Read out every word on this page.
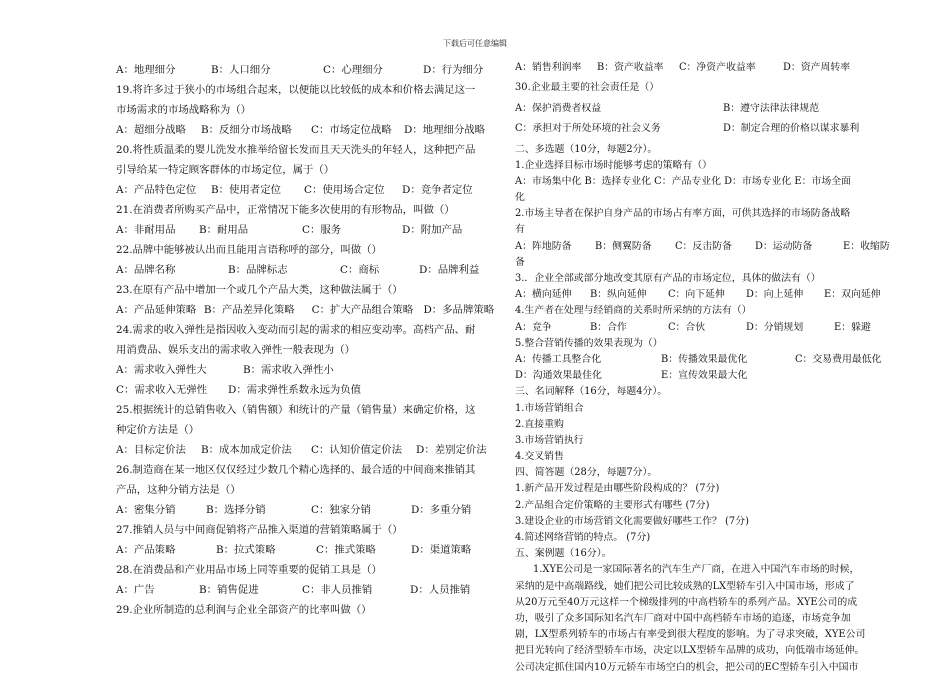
下载后可任意编辑
A：地理细分	B：人口细分	C：心理细分	D：行为细分
19.将许多过于狭小的市场组合起来，以便能以比较低的成本和价格去满足这一
市场需求的市场战略称为（）
A：超细分战略	B：反细分市场战略	C：市场定位战略	D：地理细分战略
20.将性质温柔的婴儿洗发水推举给留长发而且天天洗头的年轻人，这种把产品
引导给某一特定顾客群体的市场定位，属于（）
A：产品特色定位	B：使用者定位	C：使用场合定位	D：竞争者定位
21.在消费者所购买产品中，正常情况下能多次使用的有形物品，叫做（）
A：非耐用品	B：耐用品	C：服务	D：附加产品
22.品牌中能够被认出而且能用言语称呼的部分，叫做（）
A：品牌名称	B：品牌标志	C：商标	D：品牌利益
23.在原有产品中增加一个或几个产品大类，这种做法属于（）
A：产品延伸策略 B：产品差异化策略	C：扩大产品组合策略 D：多品牌策略
24.需求的收入弹性是指因收入变动而引起的需求的相应变动率。高档产品、耐
用消费品、娱乐支出的需求收入弹性一般表现为（）
A：需求收入弹性大	B：需求收入弹性小
C：需求收入无弹性	D：需求弹性系数永远为负值
25.根据统计的总销售收入（销售额）和统计的产量（销售量）来确定价格，这
种定价方法是（）
A：目标定价法	B：成本加成定价法	C：认知价值定价法	D：差别定价法
26.制造商在某一地区仅仅经过少数几个精心选择的、最合适的中间商来推销其
产品，这种分销方法是（）
A：密集分销	B：选择分销	C：独家分销	D：多重分销
27.推销人员与中间商促销将产品推入渠道的营销策略属于（）
A：产品策略	B：拉式策略	C：推式策略	D：渠道策略
28.在消费品和产业用品市场上同等重要的促销工具是（）
A：广告	B：销售促进	C：非人员推销	D：人员推销
29.企业所制造的总利润与企业全部资产的比率叫做（）
A：销售利润率	B：资产收益率	C：净资产收益率	D：资产周转率
30.企业最主要的社会责任是（）
A：保护消费者权益	B：遵守法律法律规范
C：承担对于所处环境的社会义务	D：制定合理的价格以谋求暴利
二、多选题（10分，每题2分）。
1.企业选择目标市场时能够考虑的策略有（）
A：市场集中化 B：选择专业化 C：产品专业化 D：市场专业化 E：市场全面
化
2.市场主导者在保护自身产品的市场占有率方面，可供其选择的市场防备战略
有
A：阵地防备	B：侧翼防备	C：反击防备	D：运动防备	E：收缩防
备
3.．企业全部或部分地改变其原有产品的市场定位，具体的做法有（）
A：横向延伸	B：纵向延伸	C：向下延伸	D：向上延伸	E：双向延伸
4.生产者在处理与经销商的关系时所采纳的方法有（）
A：竞争	B：合作	C：合伙	D：分销规划	E：躲避
5.整合营销传播的效果表现为（）
A：传播工具整合化	B：传播效果最优化	C：交易费用最低化
D：沟通效果最佳化	E：宣传效果最大化
三、名词解释（16分，每题4分）。
1.市场营销组合
2.直接重购
3.市场营销执行
4.交叉销售
四、简答题（28分，每题7分）。
1.新产品开发过程是由哪些阶段构成的？ (7分)
2.产品组合定价策略的主要形式有哪些 (7分)
3.建设企业的市场营销文化需要做好哪些工作？ (7分)
4.简述网络营销的特点。 (7分)
五、案例题（16分）。
1.XYE公司是一家国际著名的汽车生产厂商，在进入中国汽车市场的时候，
采纳的是中高端路线，她们把公司比较成熟的LX型轿车引入中国市场，形成了
从20万元至40万元这样一个梯级排列的中高档轿车的系列产品。XYE公司的成
功，吸引了众多国际知名汽车厂商对中国中高档轿车市场的追逐，市场竞争加
剧，LX型系列轿车的市场占有率受到很大程度的影响。为了寻求突破，XYE公司
把目光转向了经济型轿车市场，决定以LX型轿车品牌的成功，向低端市场延伸。
公司决定抓住国内10万元轿车市场空白的机会，把公司的EC型轿车引入中国市
